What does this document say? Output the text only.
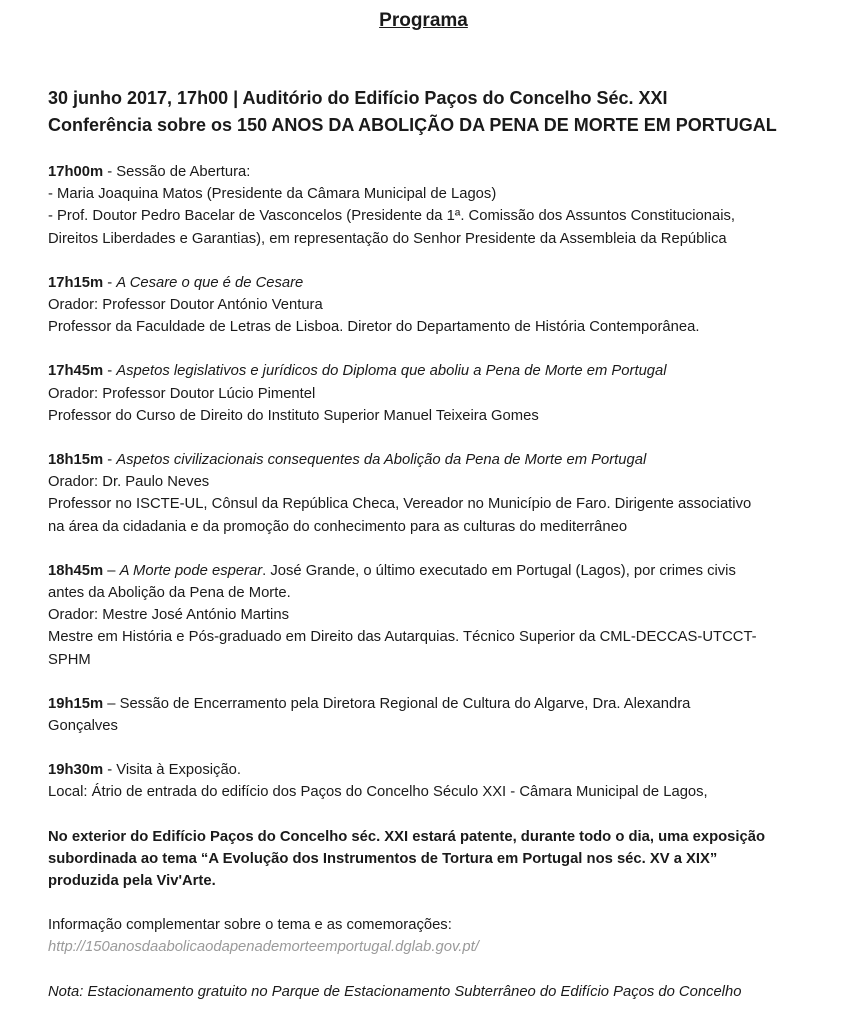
Programa
30 junho 2017, 17h00 | Auditório do Edifício Paços do Concelho Séc. XXI
Conferência sobre os 150 ANOS DA ABOLIÇÃO DA PENA DE MORTE EM PORTUGAL
17h00m - Sessão de Abertura:
- Maria Joaquina Matos (Presidente da Câmara Municipal de Lagos)
- Prof. Doutor Pedro Bacelar de Vasconcelos (Presidente da 1ª. Comissão dos Assuntos Constitucionais,
Direitos Liberdades e Garantias), em representação do Senhor Presidente da Assembleia da República
17h15m - A Cesare o que é de Cesare
Orador: Professor Doutor António Ventura
Professor da Faculdade de Letras de Lisboa. Diretor do Departamento de História Contemporânea.
17h45m - Aspetos legislativos e jurídicos do Diploma que aboliu a Pena de Morte em Portugal
Orador: Professor Doutor Lúcio Pimentel
Professor do Curso de Direito do Instituto Superior Manuel Teixeira Gomes
18h15m - Aspetos civilizacionais consequentes da Abolição da Pena de Morte em Portugal
Orador: Dr. Paulo Neves
Professor no ISCTE-UL, Cônsul da República Checa, Vereador no Município de Faro. Dirigente associativo
na área da cidadania e da promoção do conhecimento para as culturas do mediterrâneo
18h45m – A Morte pode esperar. José Grande, o último executado em Portugal (Lagos), por crimes civis
antes da Abolição da Pena de Morte.
Orador: Mestre José António Martins
Mestre em História e Pós-graduado em Direito das Autarquias. Técnico Superior da CML-DECCAS-UTCCT-
SPHM
19h15m – Sessão de Encerramento pela Diretora Regional de Cultura do Algarve, Dra. Alexandra
Gonçalves
19h30m - Visita à Exposição.
Local: Átrio de entrada do edifício dos Paços do Concelho Século XXI - Câmara Municipal de Lagos,
No exterior do Edifício Paços do Concelho séc. XXI estará patente, durante todo o dia, uma exposição
subordinada ao tema “A Evolução dos Instrumentos de Tortura em Portugal nos séc. XV a XIX”
produzida pela Viv'Arte.
Informação complementar sobre o tema e as comemorações:
http://150anosdaabolicaodapenademorteemportugal.dglab.gov.pt/
Nota: Estacionamento gratuito no Parque de Estacionamento Subterrâneo do Edifício Paços do Concelho
